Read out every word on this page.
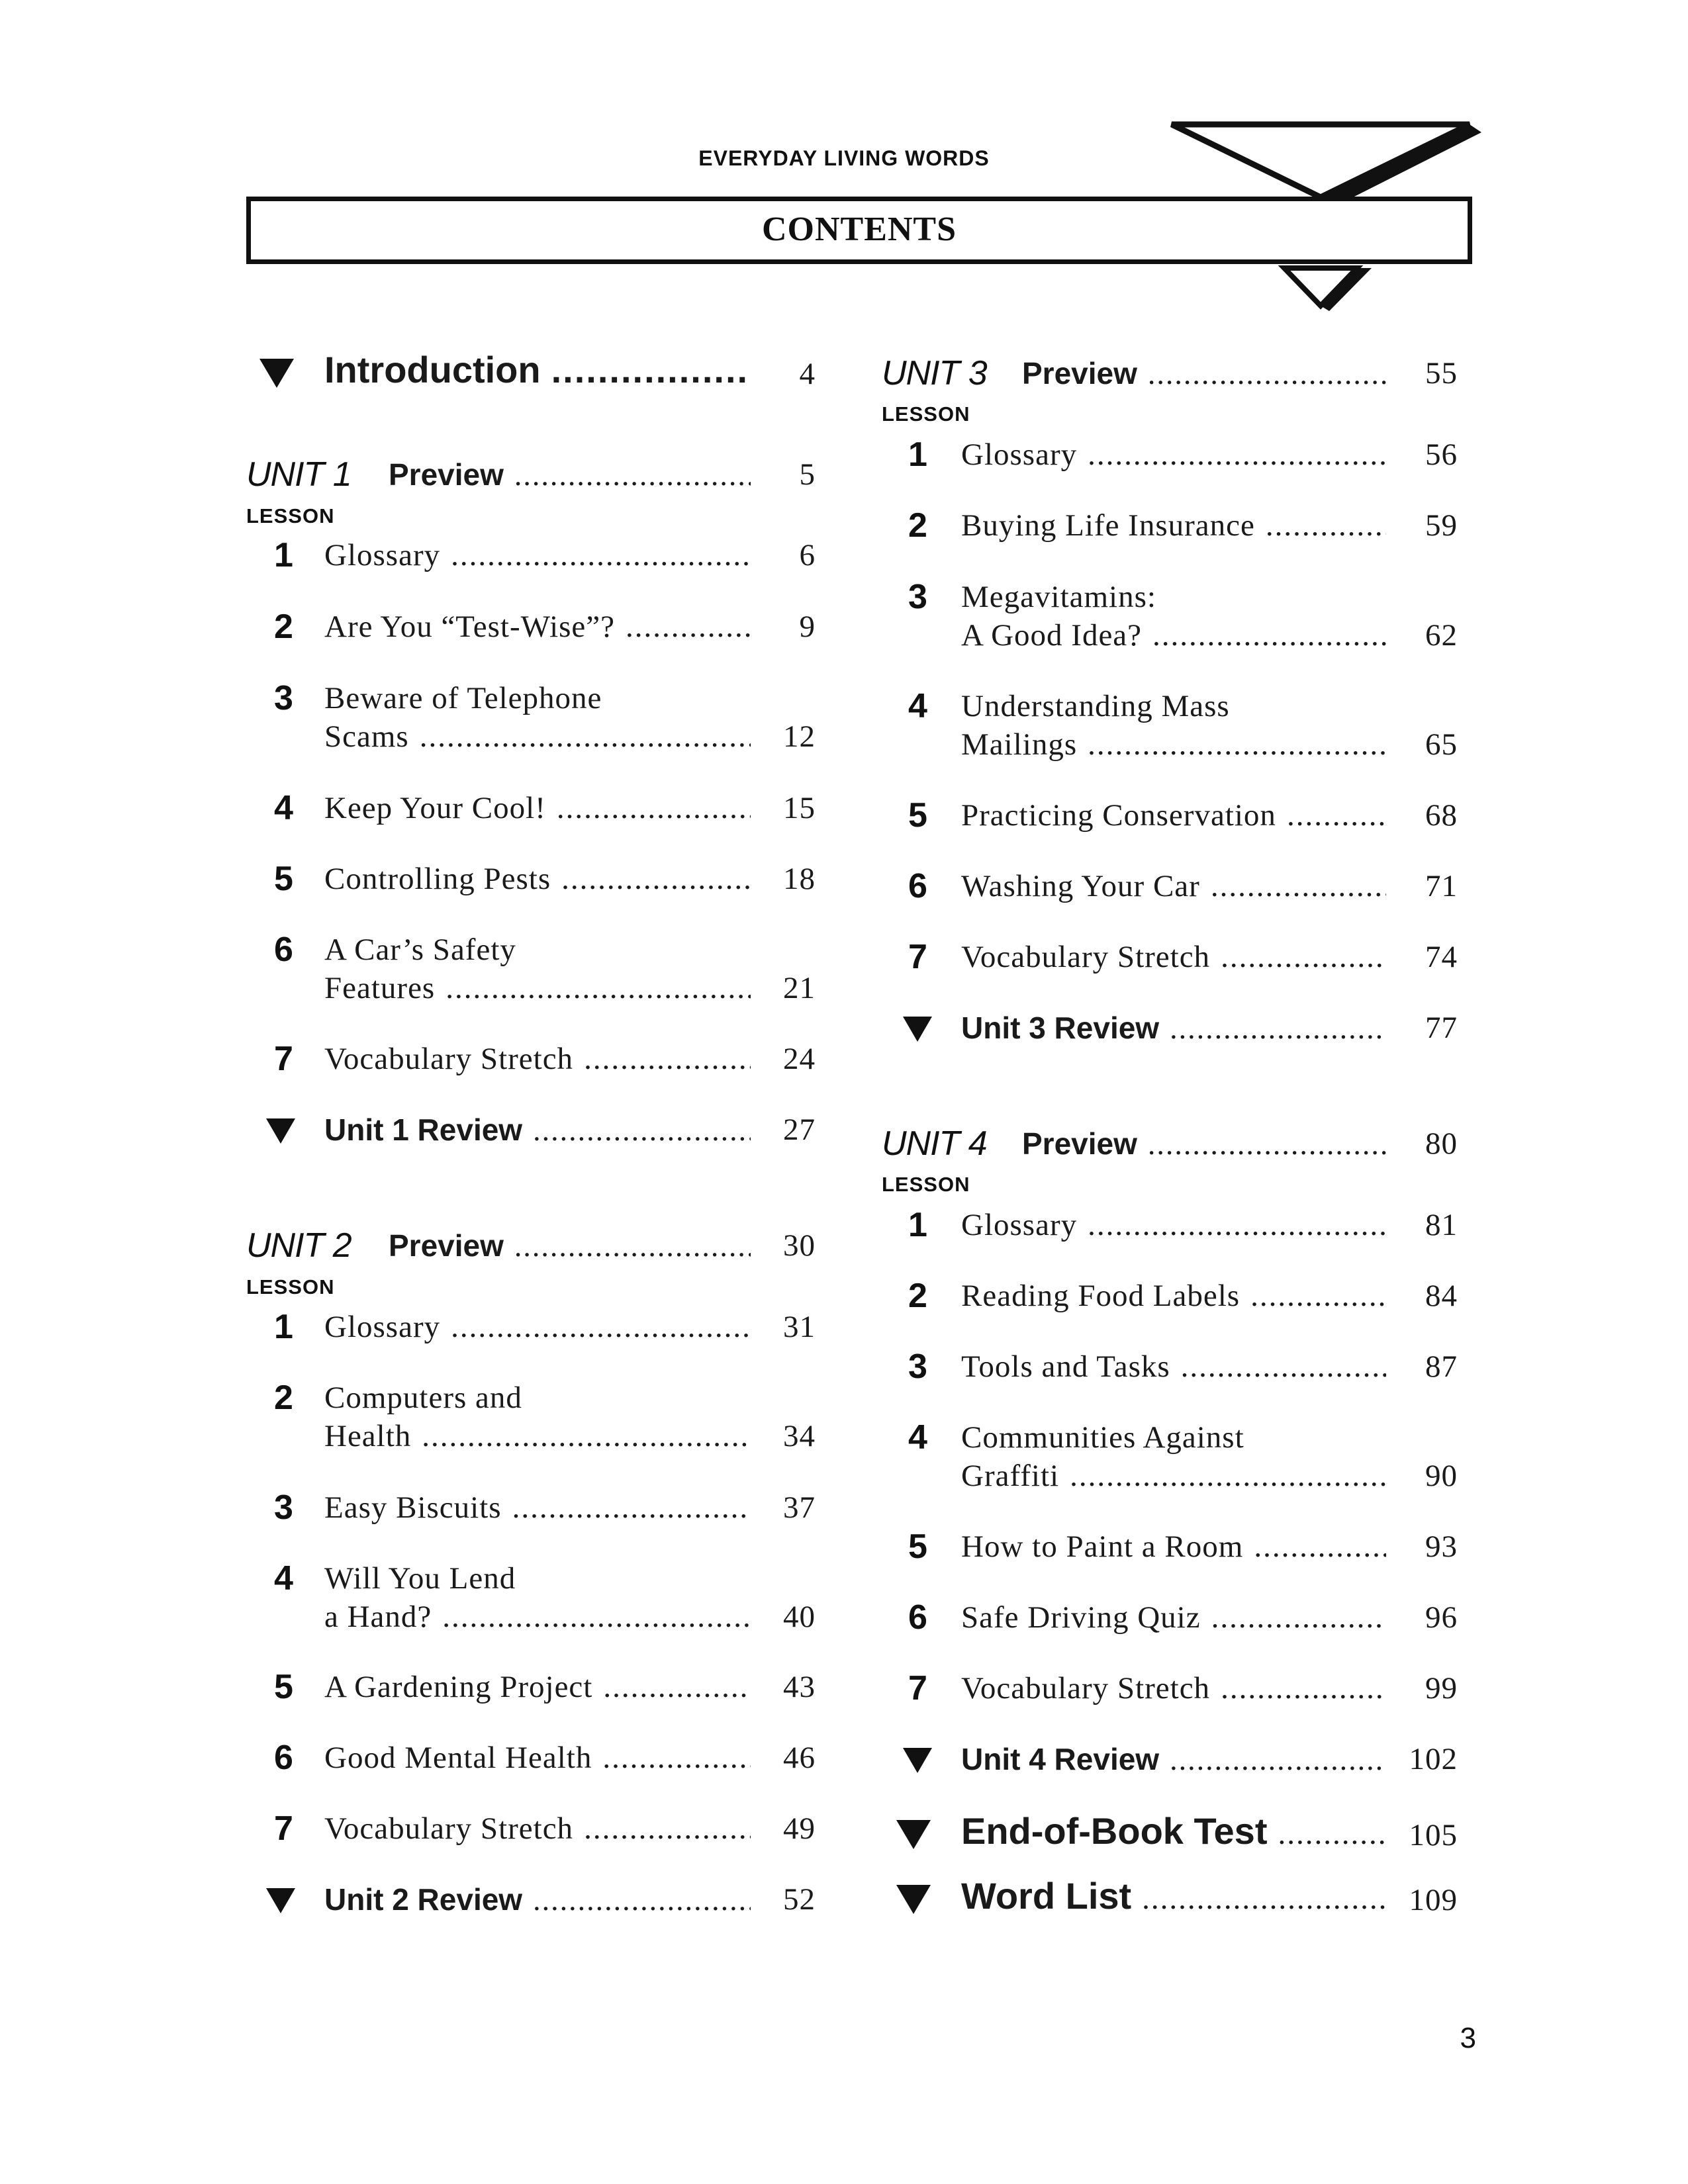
EVERYDAY LIVING WORDS
CONTENTS
Introduction .....	4
UNIT 1 Preview .....	5
LESSON
1 Glossary .....	6
2 Are You “Test-Wise”? .....	9
3 Beware of Telephone
Scams .....	12
4 Keep Your Cool! .....	15
5 Controlling Pests .....	18
6 A Car’s Safety
Features .....	21
7 Vocabulary Stretch .....	24
Unit 1 Review .....	27
UNIT 2 Preview .....	30
LESSON
1 Glossary .....	31
2 Computers and
Health .....	34
3 Easy Biscuits .....	37
4 Will You Lend
a Hand? .....	40
5 A Gardening Project .....	43
6 Good Mental Health .....	46
7 Vocabulary Stretch .....	49
Unit 2 Review .....	52
UNIT 3 Preview .....	55
LESSON
1 Glossary .....	56
2 Buying Life Insurance .....	59
3 Megavitamins:
A Good Idea? .....	62
4 Understanding Mass
Mailings .....	65
5 Practicing Conservation .....	68
6 Washing Your Car .....	71
7 Vocabulary Stretch .....	74
Unit 3 Review .....	77
UNIT 4 Preview .....	80
LESSON
1 Glossary .....	81
2 Reading Food Labels .....	84
3 Tools and Tasks .....	87
4 Communities Against
Graffiti .....	90
5 How to Paint a Room .....	93
6 Safe Driving Quiz .....	96
7 Vocabulary Stretch .....	99
Unit 4 Review .....	102
End-of-Book Test .....	105
Word List .....	109
3
